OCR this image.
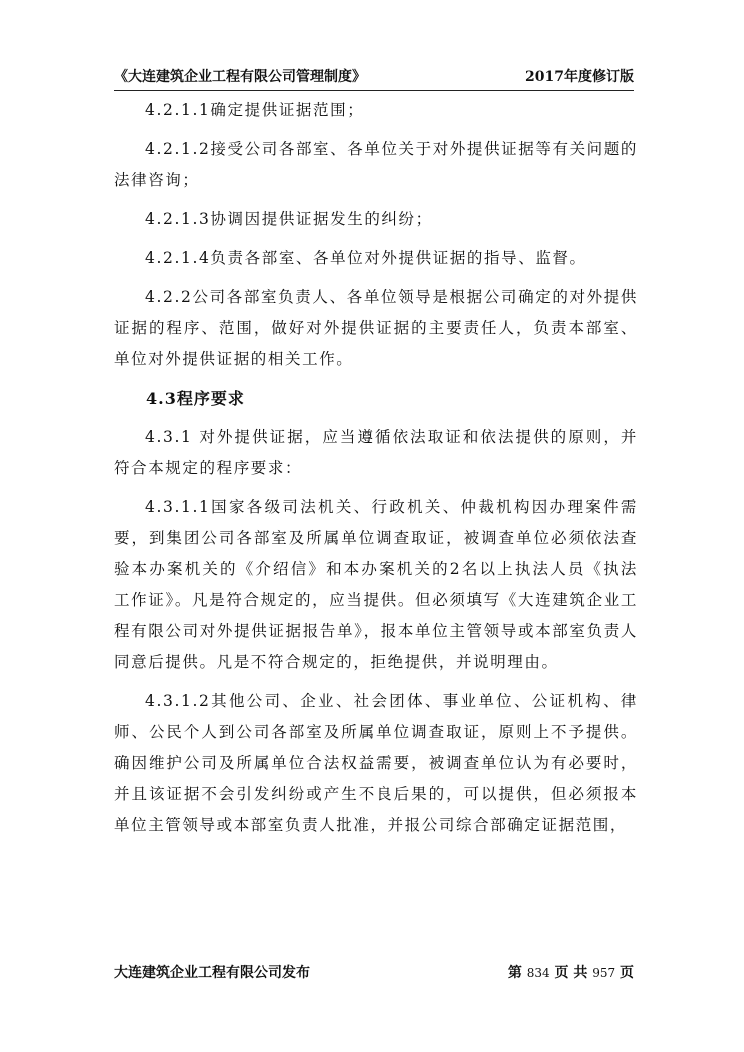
《大连建筑企业工程有限公司管理制度》	2017年度修订版

4.2.1.1确定提供证据范围；

4.2.1.2接受公司各部室、各单位关于对外提供证据等有关问题的法律咨询；

4.2.1.3协调因提供证据发生的纠纷；

4.2.1.4负责各部室、各单位对外提供证据的指导、监督。

4.2.2公司各部室负责人、各单位领导是根据公司确定的对外提供证据的程序、范围，做好对外提供证据的主要责任人，负责本部室、单位对外提供证据的相关工作。

4.3程序要求

4.3.1 对外提供证据，应当遵循依法取证和依法提供的原则，并符合本规定的程序要求：

4.3.1.1国家各级司法机关、行政机关、仲裁机构因办理案件需要，到集团公司各部室及所属单位调查取证，被调查单位必须依法查验本办案机关的《介绍信》和本办案机关的2名以上执法人员《执法工作证》。凡是符合规定的，应当提供。但必须填写《大连建筑企业工程有限公司对外提供证据报告单》，报本单位主管领导或本部室负责人同意后提供。凡是不符合规定的，拒绝提供，并说明理由。

4.3.1.2其他公司、企业、社会团体、事业单位、公证机构、律师、公民个人到公司各部室及所属单位调查取证，原则上不予提供。确因维护公司及所属单位合法权益需要，被调查单位认为有必要时，并且该证据不会引发纠纷或产生不良后果的，可以提供，但必须报本单位主管领导或本部室负责人批准，并报公司综合部确定证据范围，

大连建筑企业工程有限公司发布	第 834 页 共 957 页
